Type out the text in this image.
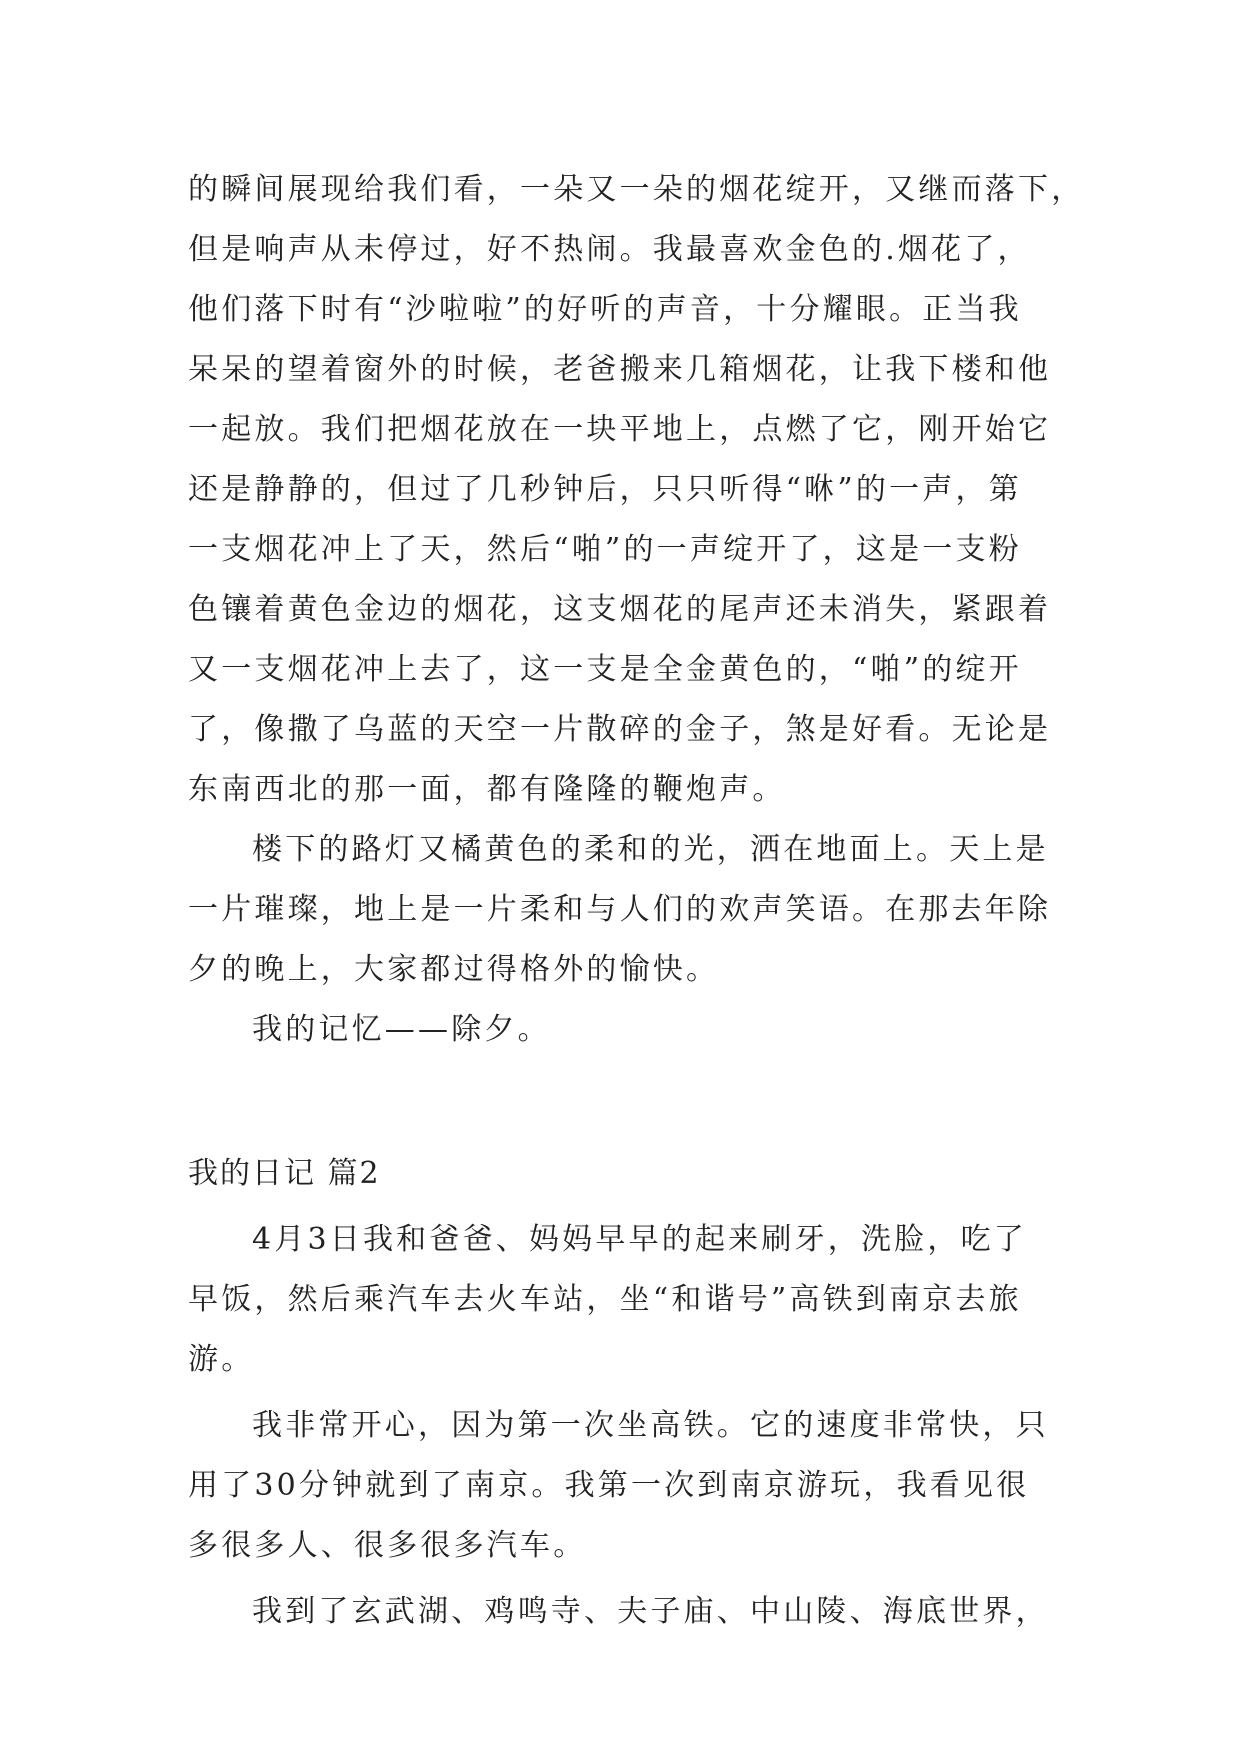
的瞬间展现给我们看，一朵又一朵的烟花绽开，又继而落下，
但是响声从未停过，好不热闹。我最喜欢金色的.烟花了，
他们落下时有“沙啦啦”的好听的声音，十分耀眼。正当我
呆呆的望着窗外的时候，老爸搬来几箱烟花，让我下楼和他
一起放。我们把烟花放在一块平地上，点燃了它，刚开始它
还是静静的，但过了几秒钟后，只只听得“咻”的一声，第
一支烟花冲上了天，然后“啪”的一声绽开了，这是一支粉
色镶着黄色金边的烟花，这支烟花的尾声还未消失，紧跟着
又一支烟花冲上去了，这一支是全金黄色的，“啪”的绽开
了，像撒了乌蓝的天空一片散碎的金子，煞是好看。无论是
东南西北的那一面，都有隆隆的鞭炮声。
楼下的路灯又橘黄色的柔和的光，洒在地面上。天上是
一片璀璨，地上是一片柔和与人们的欢声笑语。在那去年除
夕的晚上，大家都过得格外的愉快。
我的记忆——除夕。
我的日记 篇2
4月3日我和爸爸、妈妈早早的起来刷牙，洗脸，吃了
早饭，然后乘汽车去火车站，坐“和谐号”高铁到南京去旅
游。
我非常开心，因为第一次坐高铁。它的速度非常快，只
用了30分钟就到了南京。我第一次到南京游玩，我看见很
多很多人、很多很多汽车。
我到了玄武湖、鸡鸣寺、夫子庙、中山陵、海底世界，
